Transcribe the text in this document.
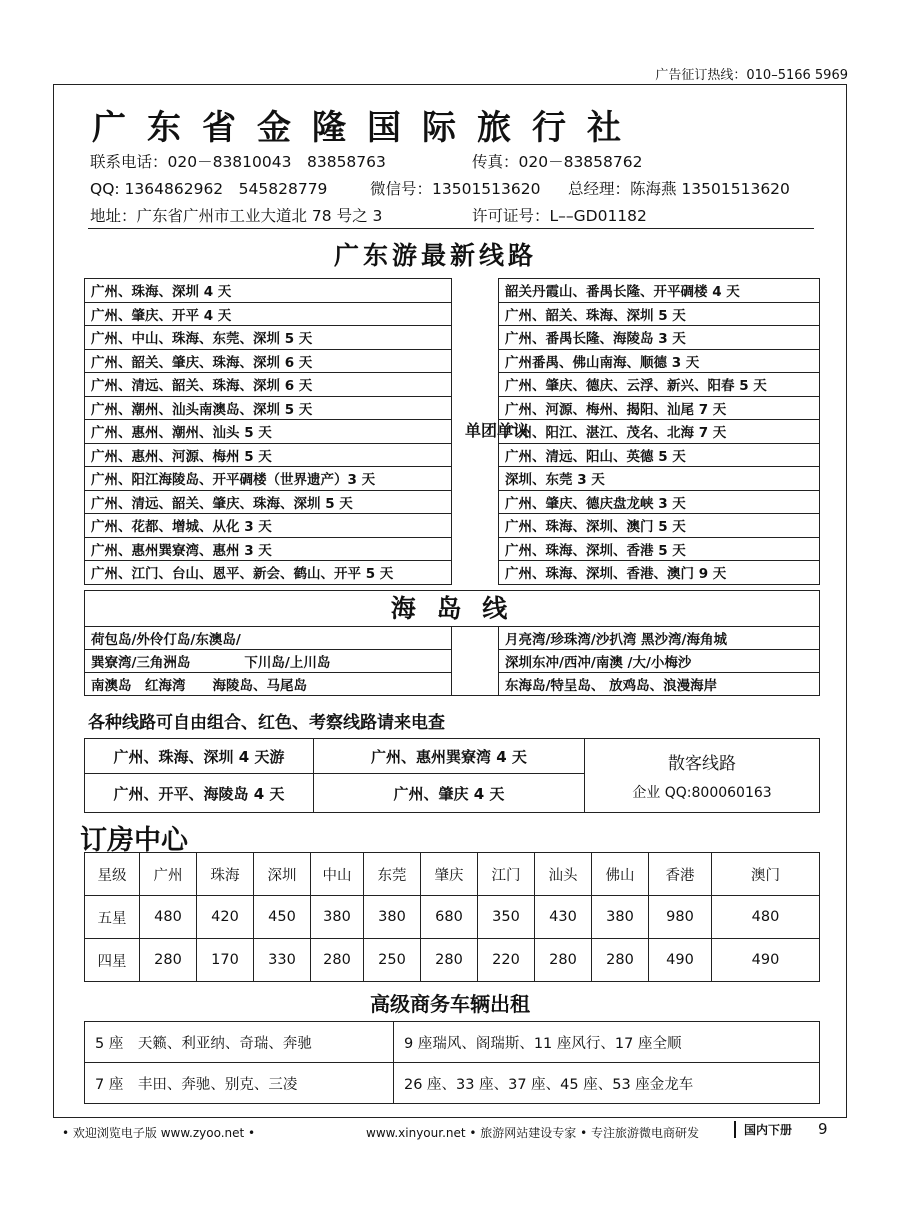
广告征订热线：010–5166 5969
广东省金隆国际旅行社
联系电话：020－83810043　83858763	传真：020－83858762
QQ: 1364862962　545828779	微信号：13501513620 总经理：陈海燕 13501513620
地址：广东省广州市工业大道北 78 号之 3	许可证号：L––GD01182
广东游最新线路
广州、珠海、深圳 4 天	单团单议	韶关丹霞山、番禺长隆、开平碉楼 4 天
广州、肇庆、开平 4 天		广州、韶关、珠海、深圳 5 天
广州、中山、珠海、东莞、深圳 5 天		广州、番禺长隆、海陵岛 3 天
广州、韶关、肇庆、珠海、深圳 6 天		广州番禺、佛山南海、顺德 3 天
广州、清远、韶关、珠海、深圳 6 天		广州、肇庆、德庆、云浮、新兴、阳春 5 天
广州、潮州、汕头南澳岛、深圳 5 天		广州、河源、梅州、揭阳、汕尾 7 天
广州、惠州、潮州、汕头 5 天		广州、阳江、湛江、茂名、北海 7 天
广州、惠州、河源、梅州 5 天		广州、清远、阳山、英德 5 天
广州、阳江海陵岛、开平碉楼（世界遗产）3 天		深圳、东莞 3 天
广州、清远、韶关、肇庆、珠海、深圳 5 天		广州、肇庆、德庆盘龙峡 3 天
广州、花都、增城、从化 3 天		广州、珠海、深圳、澳门 5 天
广州、惠州巽寮湾、惠州 3 天		广州、珠海、深圳、香港 5 天
广州、江门、台山、恩平、新会、鹤山、开平 5 天		广州、珠海、深圳、香港、澳门 9 天
海 岛 线
荷包岛/外伶仃岛/东澳岛/		月亮湾/珍珠湾/沙扒湾 黑沙湾/海角城
巽寮湾/三角洲岛　　　　下川岛/上川岛		深圳东冲/西冲/南澳 /大/小梅沙
南澳岛　红海湾　　海陵岛、马尾岛		东海岛/特呈岛、 放鸡岛、浪漫海岸
各种线路可自由组合、红色、考察线路请来电查
广州、珠海、深圳 4 天游	广州、惠州巽寮湾 4 天	散客线路
企业 QQ:800060163
广州、开平、海陵岛 4 天	广州、肇庆 4 天	
订房中心
星级	广州	珠海	深圳	中山	东莞	肇庆	江门	汕头	佛山	香港	澳门
五星	480	420	450	380	380	680	350	430	380	980	480
四星	280	170	330	280	250	280	220	280	280	490	490
高级商务车辆出租
5 座　天籁、利亚纳、奇瑞、奔驰	9 座瑞风、阁瑞斯、11 座风行、17 座全顺
7 座　丰田、奔驰、别克、三凌	26 座、33 座、37 座、45 座、53 座金龙车
• 欢迎浏览电子版 www.zyoo.net •	www.xinyour.net • 旅游网站建设专家 • 专注旅游微电商研发	国内下册 9
